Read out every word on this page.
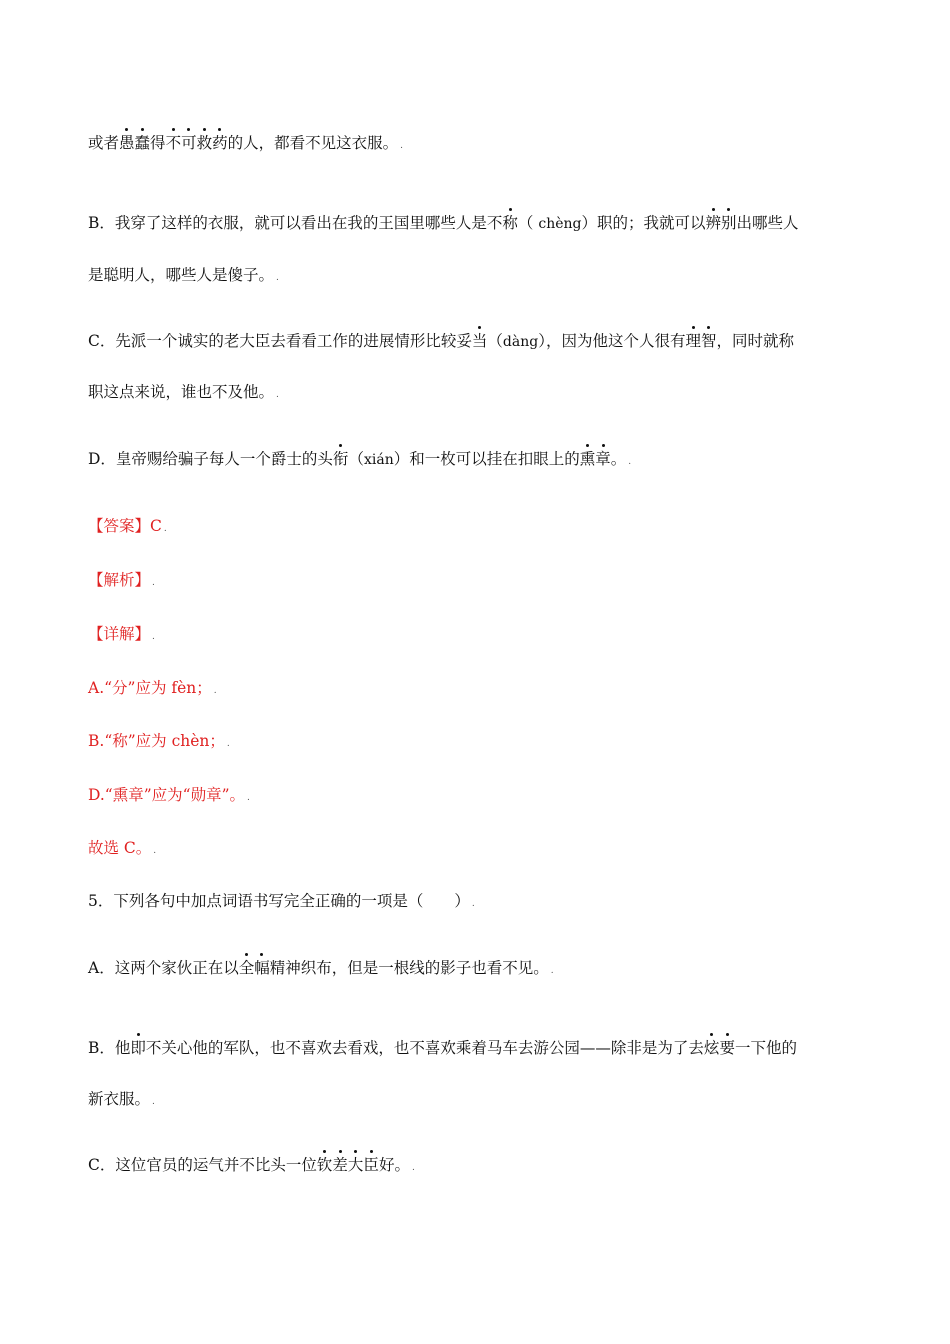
或者愚蠢得不可救药的人，都看不见这衣服。 .
B．我穿了这样的衣服，就可以看出在我的王国里哪些人是不称（ chèng）职的；我就可以辨别出哪些人
是聪明人，哪些人是傻子。 .
C．先派一个诚实的老大臣去看看工作的进展情形比较妥当（dàng），因为他这个人很有理智，同时就称
职这点来说，谁也不及他。 .
D．皇帝赐给骗子每人一个爵士的头衔（xián）和一枚可以挂在扣眼上的熏章。 .
【答案】C .
【解析】 .
【详解】 .
A.“分”应为 fèn； .
B.“称”应为 chèn； .
D.“熏章”应为“勋章”。 .
故选 C。 .
5．下列各句中加点词语书写完全正确的一项是（　　） .
A．这两个家伙正在以全幅精神织布，但是一根线的影子也看不见。 .
B．他即不关心他的军队，也不喜欢去看戏，也不喜欢乘着马车去游公园——除非是为了去炫要一下他的
新衣服。 .
C．这位官员的运气并不比头一位钦差大臣好。 .
